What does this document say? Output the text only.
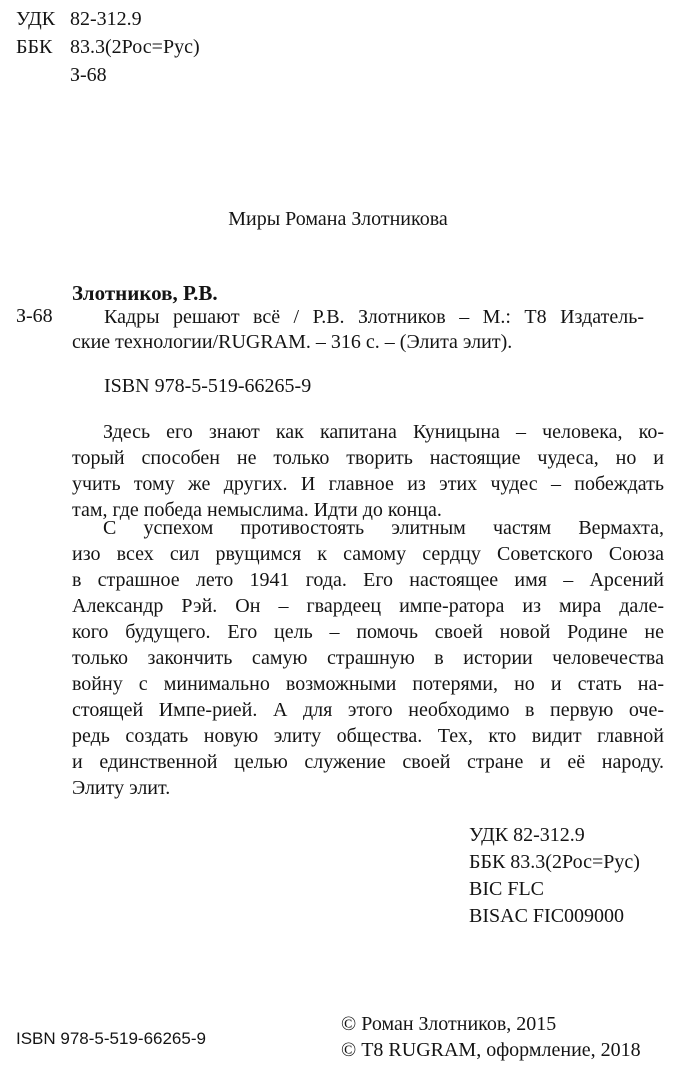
УДК 82-312.9
ББК 83.3(2Рос=Рус)
З-68
Миры Романа Злотникова
Злотников, Р.В.
З-68	Кадры решают всё / Р.В. Злотников – М.: Т8 Издатель-
ские технологии/RUGRAM. – 316 с. – (Элита элит).
ISBN 978-5-519-66265-9
Здесь его знают как капитана Куницына – человека, ко-
торый способен не только творить настоящие чудеса, но и
учить тому же других. И главное из этих чудес – побеждать
там, где победа немыслима. Идти до конца.
С успехом противостоять элитным частям Вермахта,
изо всех сил рвущимся к самому сердцу Советского Союза
в страшное лето 1941 года. Его настоящее имя – Арсений
Александр Рэй. Он – гвардеец импе-ратора из мира дале-
кого будущего. Его цель – помочь своей новой Родине не
только закончить самую страшную в истории человечества
войну с минимально возможными потерями, но и стать на-
стоящей Импе-рией. А для этого необходимо в первую оче-
редь создать новую элиту общества. Тех, кто видит главной
и единственной целью служение своей стране и её народу.
Элиту элит.
УДК 82-312.9
ББК 83.3(2Рос=Рус)
BIC FLC
BISAC FIC009000
ISBN 978-5-519-66265-9
© Роман Злотников, 2015
© Т8 RUGRAM, оформление, 2018
